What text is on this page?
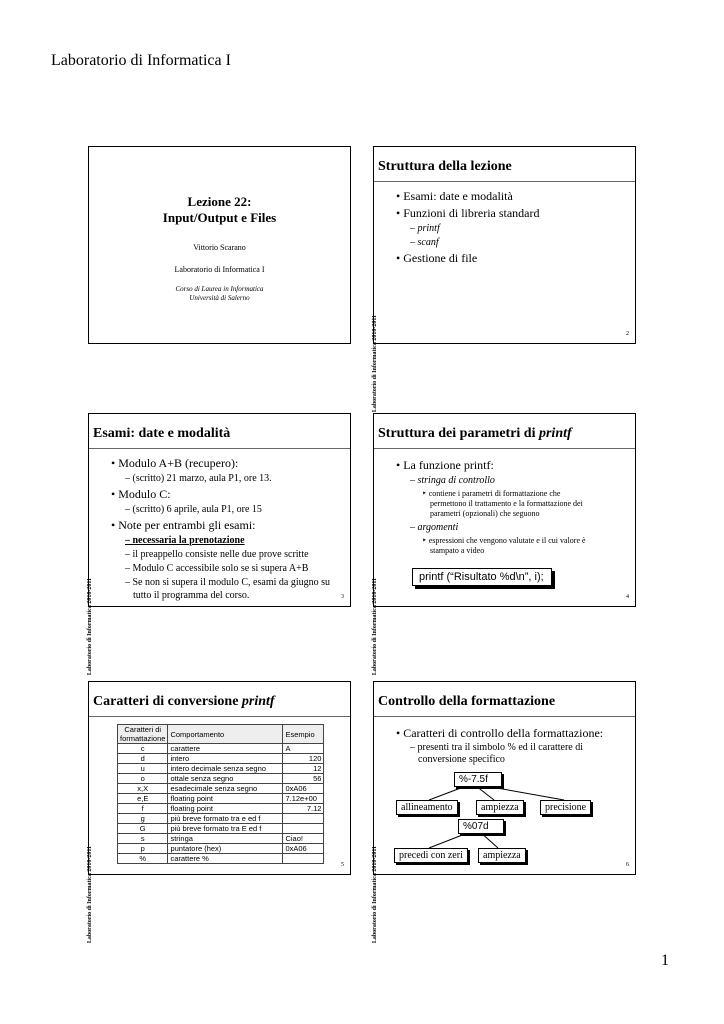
Laboratorio di Informatica I
Lezione 22:
Input/Output e Files
Vittorio Scarano
Laboratorio di Informatica I
Corso di Laurea in Informatica
Università di Salerno
Struttura della lezione
Laboratorio di Informatica 2010-2011
• Esami: date e modalità
• Funzioni di libreria standard
– printf
– scanf
• Gestione di file
2
Esami: date e modalità
Laboratorio di Informatica 2010-2011
• Modulo A+B (recupero):
– (scritto) 21 marzo, aula P1, ore 13.
• Modulo C:
– (scritto) 6 aprile, aula P1, ore 15
• Note per entrambi gli esami:
– necessaria la prenotazione
– il preappello consiste nelle due prove scritte
– Modulo C accessibile solo se si supera A+B
– Se non si supera il modulo C, esami da giugno su
tutto il programma del corso.	3
Struttura dei parametri di printf
Laboratorio di Informatica 2010-2011
• La funzione printf:
– stringa di controllo
‣ contiene i parametri di formattazione che
permettono il trattamento e la formattazione dei
parametri (opzionali) che seguono
– argomenti
‣ espressioni che vengono valutate e il cui valore è
stampato a video
printf (“Risultato %d\n”, i);
4
Caratteri di conversione printf
Laboratorio di Informatica 2010-2011
Caratteri di formattazione	Comportamento	Esempio
c	carattere	A
d	intero	120
u	intero decimale senza segno	12
o	ottale senza segno	56
x,X	esadecimale senza segno	0xA06
e,E	floating point	7.12e+00
f	floating point	7.12
g	più breve formato tra e ed f	
G	più breve formato tra E ed f	
s	stringa	Ciao!
p	puntatore (hex)	0xA06
%	carattere %	
5
Controllo della formattazione
Laboratorio di Informatica 2010-2011
• Caratteri di controllo della formattazione:
– presenti tra il simbolo % ed il carattere di
conversione specifico
%-7.5f
allineamento	ampiezza	precisione
%07d
precedi con zeri	ampiezza
6
1
